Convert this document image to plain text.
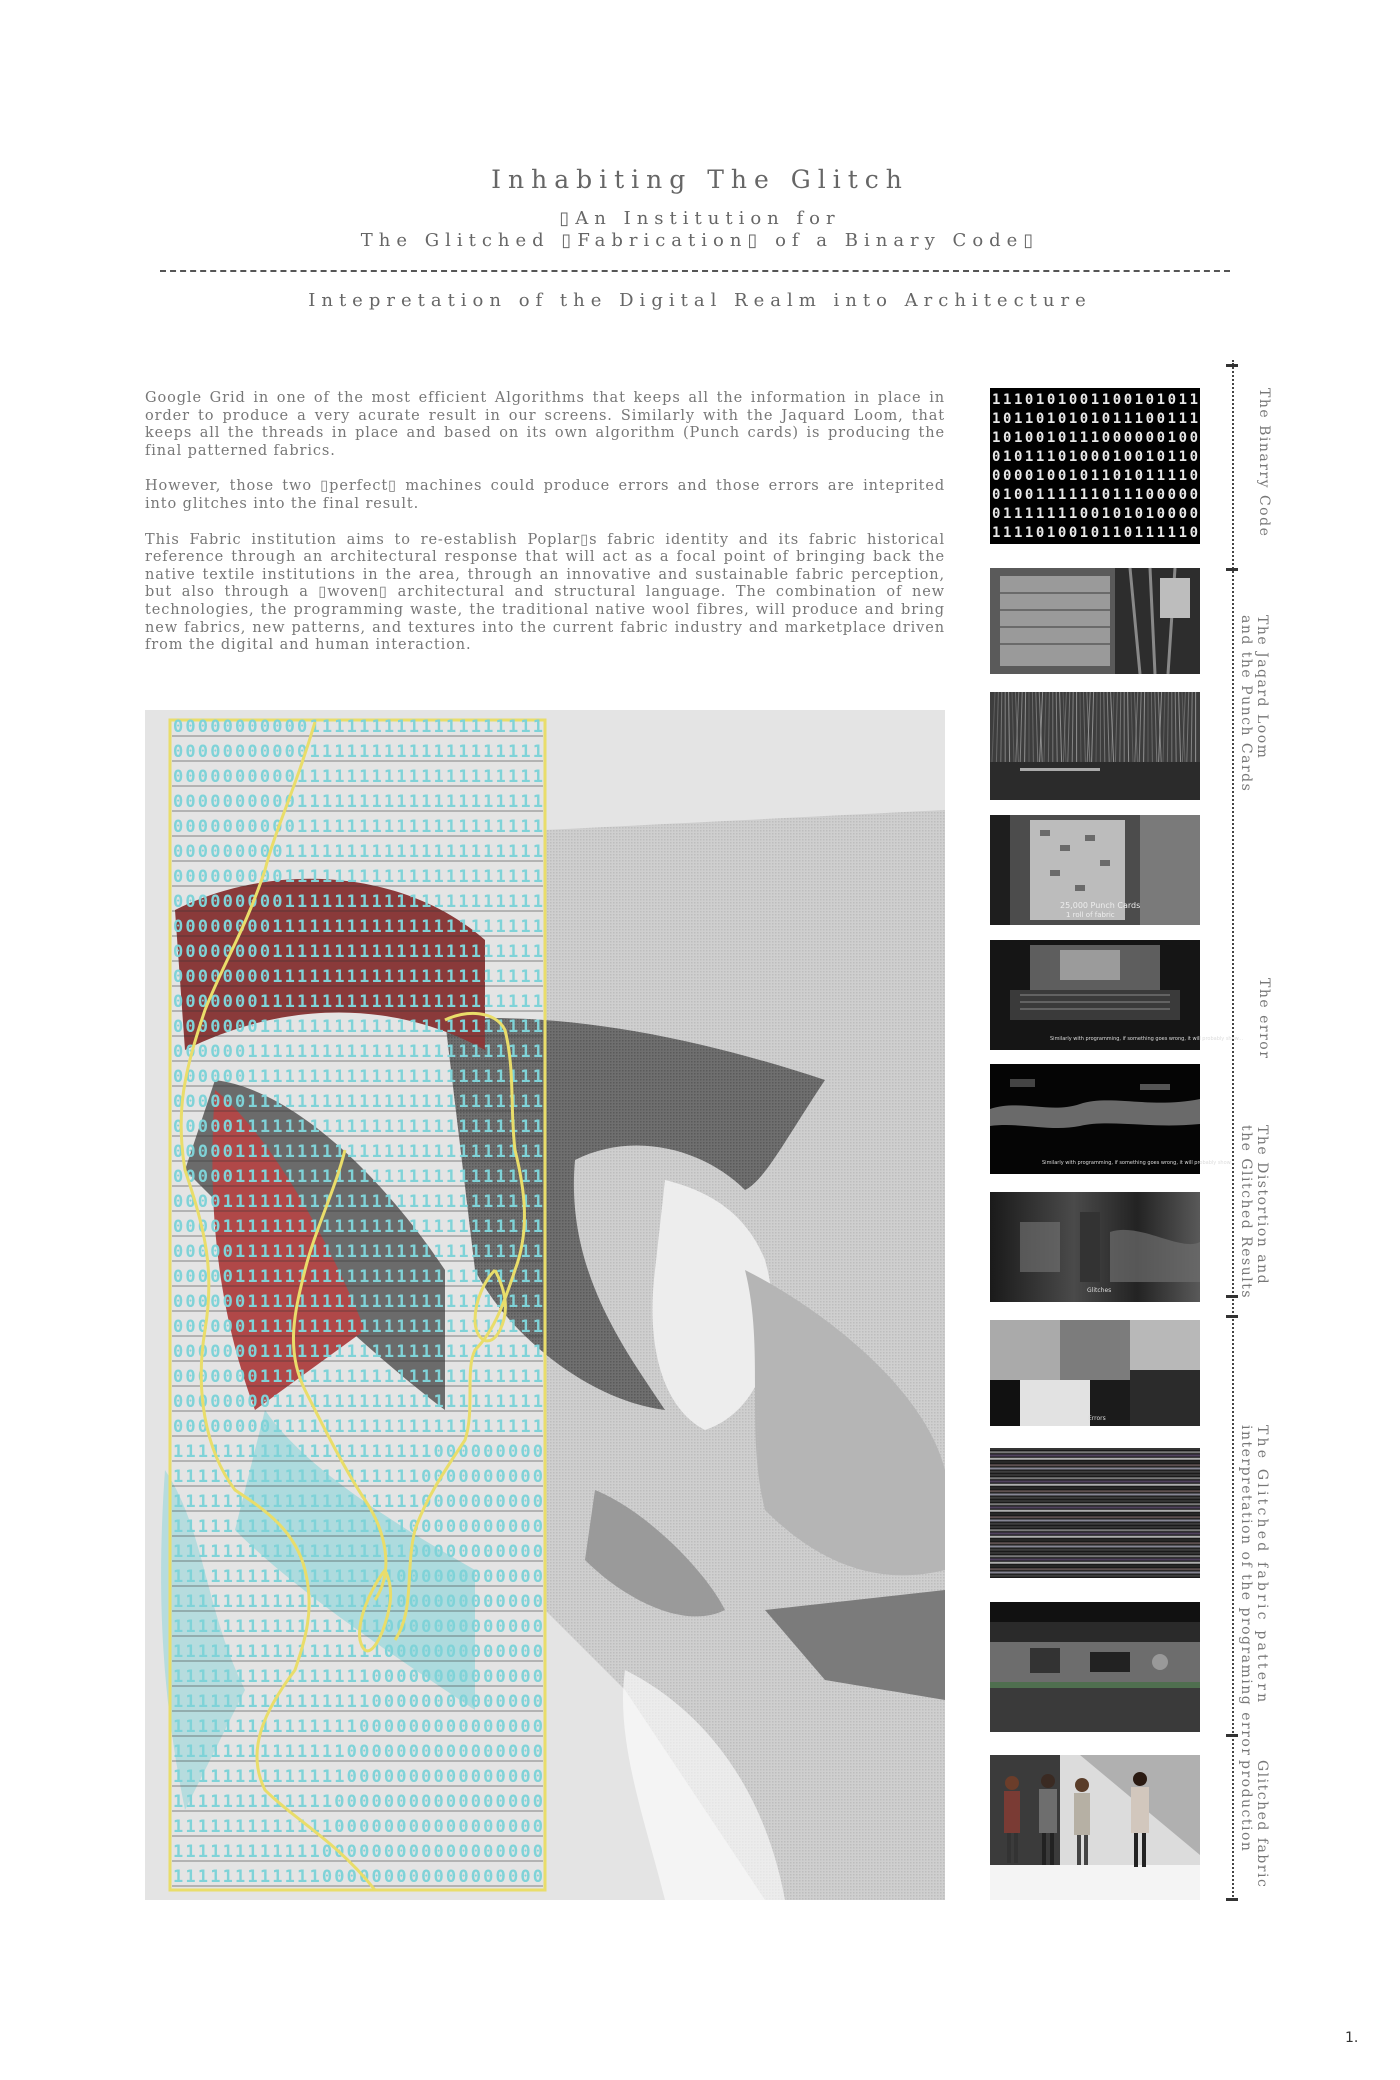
Inhabiting The Glitch
▯An Institution for
The Glitched ▯Fabrication▯ of a Binary Code▯
Intepretation of the Digital Realm into Architecture

Google Grid in one of the most efficient Algorithms that keeps all the information in place in order to produce a very acurate result in our screens. Similarly with the Jaquard Loom, that keeps all the threads in place and based on its own algorithm (Punch cards) is producing the final patterned fabrics.

However, those two ▯perfect▯ machines could produce errors and those errors are inteprited into glitches into the final result.

This Fabric institution aims to re-establish Poplar▯s fabric identity and its fabric historical reference through an architectural response that will act as a focal point of bringing back the native textile institutions in the area, through an innovative and sustainable fabric perception, but also through a ▯woven▯ architectural and structural language. The combination of new technologies, the programming waste, the traditional native wool fibres, will produce and bring new fabrics, new patterns, and textures into the current fabric industry and marketplace driven from the digital and human interaction.

000000000001111111111111111111
000000000001111111111111111111
000000000011111111111111111111
000000000011111111111111111111
000000000011111111111111111111
000000000111111111111111111111
000000000111111111111111111111
000000000111111111111111111111
000000001111111111111111111111
000000001111111111111111111111
000000001111111111111111111111
000000011111111111111111111111
000000011111111111111111111111
000000111111111111111111111111
000000111111111111111111111111
000000111111111111111111111111
000001111111111111111111111111
000001111111111111111111111111
000001111111111111111111111111
000011111111111111111111111111
000011111111111111111111111111
000001111111111111111111111111
000001111111111111111111111111
000000111111111111111111111111
000000111111111111111111111111
000000011111111111111111111111
000000011111111111111111111111
000000001111111111111111111111
000000001111111111111111111111
111111111111111111111000000000
111111111111111111110000000000
111111111111111111110000000000
111111111111111111100000000000
111111111111111111100000000000
111111111111111111000000000000
111111111111111111000000000000
111111111111111110000000000000
111111111111111110000000000000
111111111111111100000000000000
111111111111111100000000000000
111111111111111000000000000000
111111111111110000000000000000
111111111111110000000000000000
111111111111100000000000000000
111111111111100000000000000000
111111111111000000000000000000
111111111111000000000000000000
1110101001100101011
1011010101011100111
1010010111000000100
0101110100010010110
0000100101101011110
0100111111011100000
0111111100101010000
1111010010110111110
25,000 Punch Cards
1 roll of fabric
Similarly with programming, if something goes wrong, it will probably show...
Similarly with programming, if something goes wrong, it will probably show...
Glitches
Errors
The Binarry Code
The Jaqard Loom
and the Punch Cards
The error
The Distortion and
the Glitched Results
The Glitched fabric pattern
interpretation of the programing error
Glitched fabric
production
1.
